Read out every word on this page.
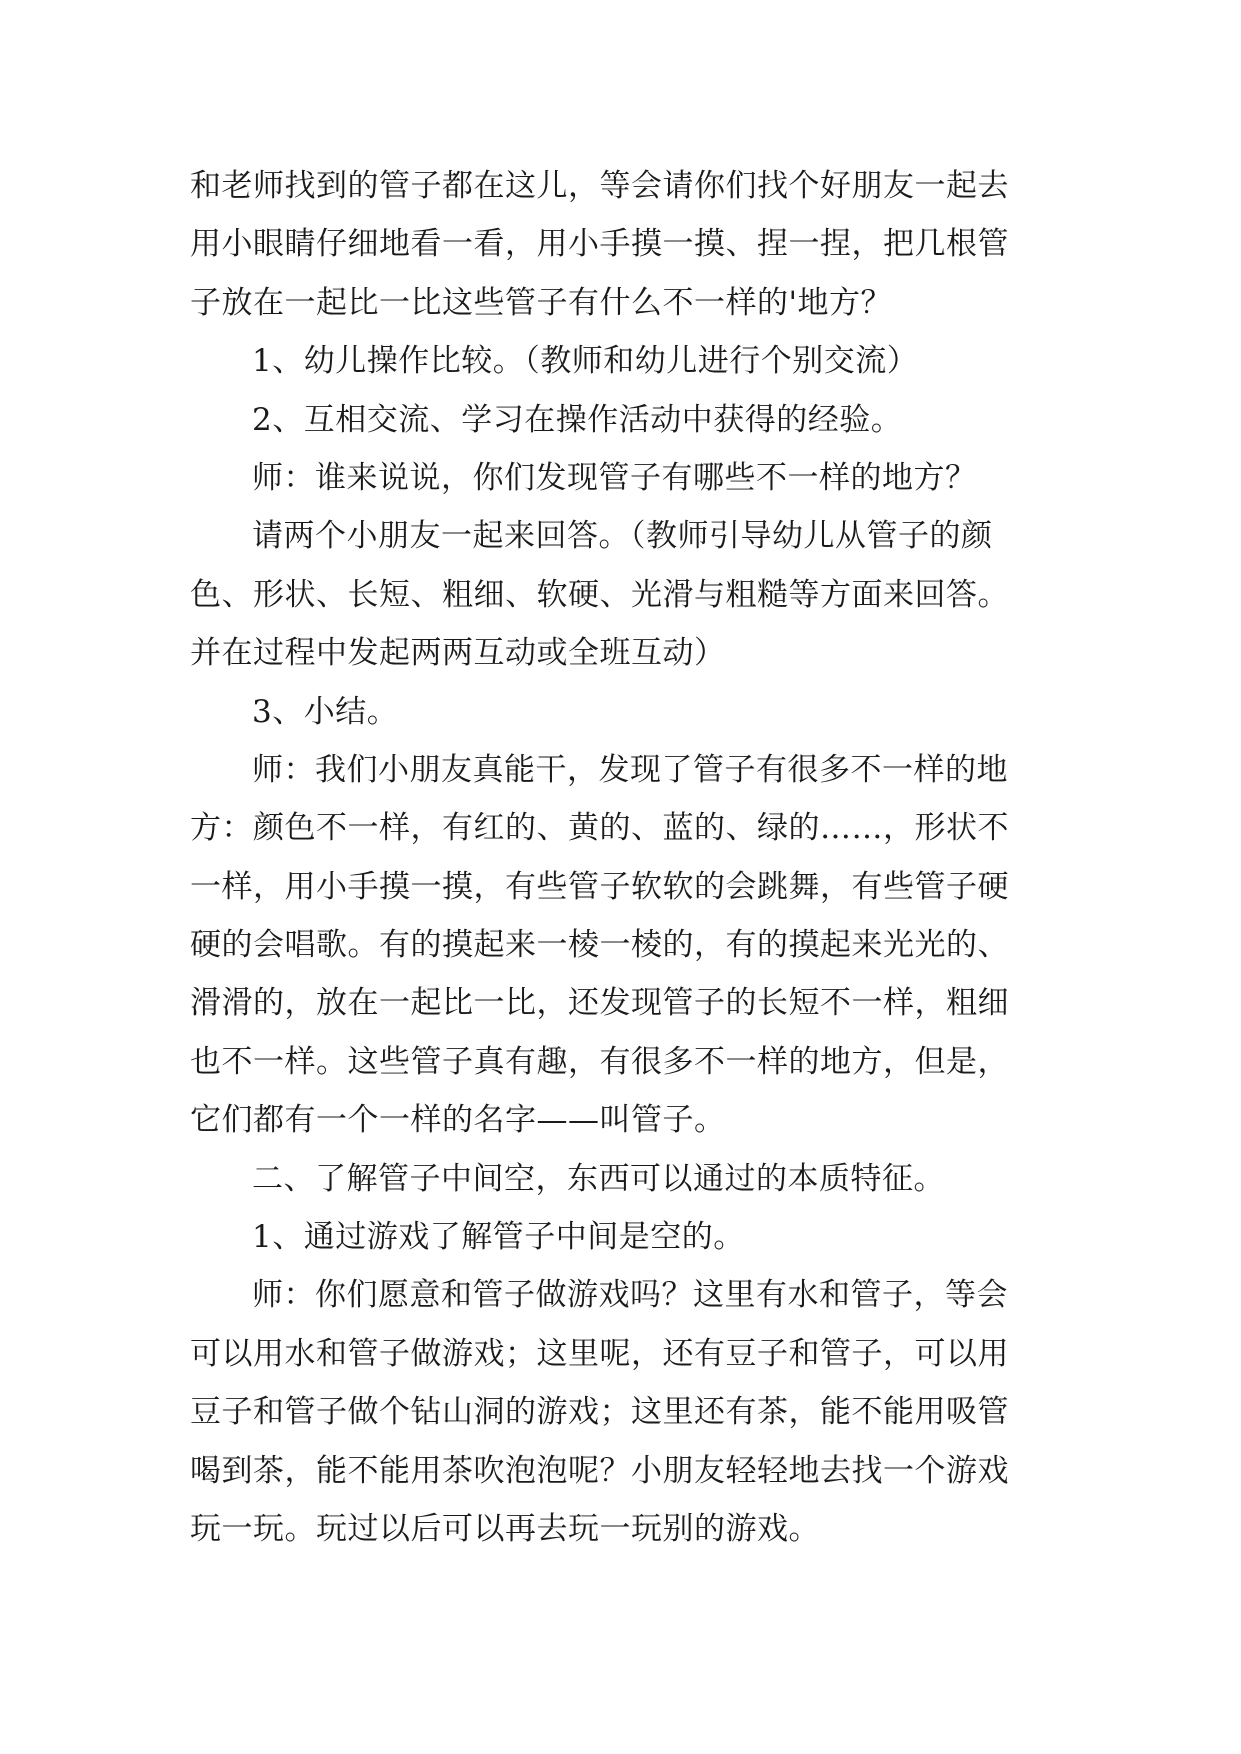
和老师找到的管子都在这儿，等会请你们找个好朋友一起去
用小眼睛仔细地看一看，用小手摸一摸、捏一捏，把几根管
子放在一起比一比这些管子有什么不一样的'地方？
1、幼儿操作比较。（教师和幼儿进行个别交流）
2、互相交流、学习在操作活动中获得的经验。
师：谁来说说，你们发现管子有哪些不一样的地方？
请两个小朋友一起来回答。（教师引导幼儿从管子的颜
色、形状、长短、粗细、软硬、光滑与粗糙等方面来回答。
并在过程中发起两两互动或全班互动）
3、小结。
师：我们小朋友真能干，发现了管子有很多不一样的地
方：颜色不一样，有红的、黄的、蓝的、绿的……，形状不
一样，用小手摸一摸，有些管子软软的会跳舞，有些管子硬
硬的会唱歌。有的摸起来一棱一棱的，有的摸起来光光的、
滑滑的，放在一起比一比，还发现管子的长短不一样，粗细
也不一样。这些管子真有趣，有很多不一样的地方，但是，
它们都有一个一样的名字——叫管子。
二、了解管子中间空，东西可以通过的本质特征。
1、通过游戏了解管子中间是空的。
师：你们愿意和管子做游戏吗？这里有水和管子，等会
可以用水和管子做游戏；这里呢，还有豆子和管子，可以用
豆子和管子做个钻山洞的游戏；这里还有茶，能不能用吸管
喝到茶，能不能用茶吹泡泡呢？小朋友轻轻地去找一个游戏
玩一玩。玩过以后可以再去玩一玩别的游戏。
